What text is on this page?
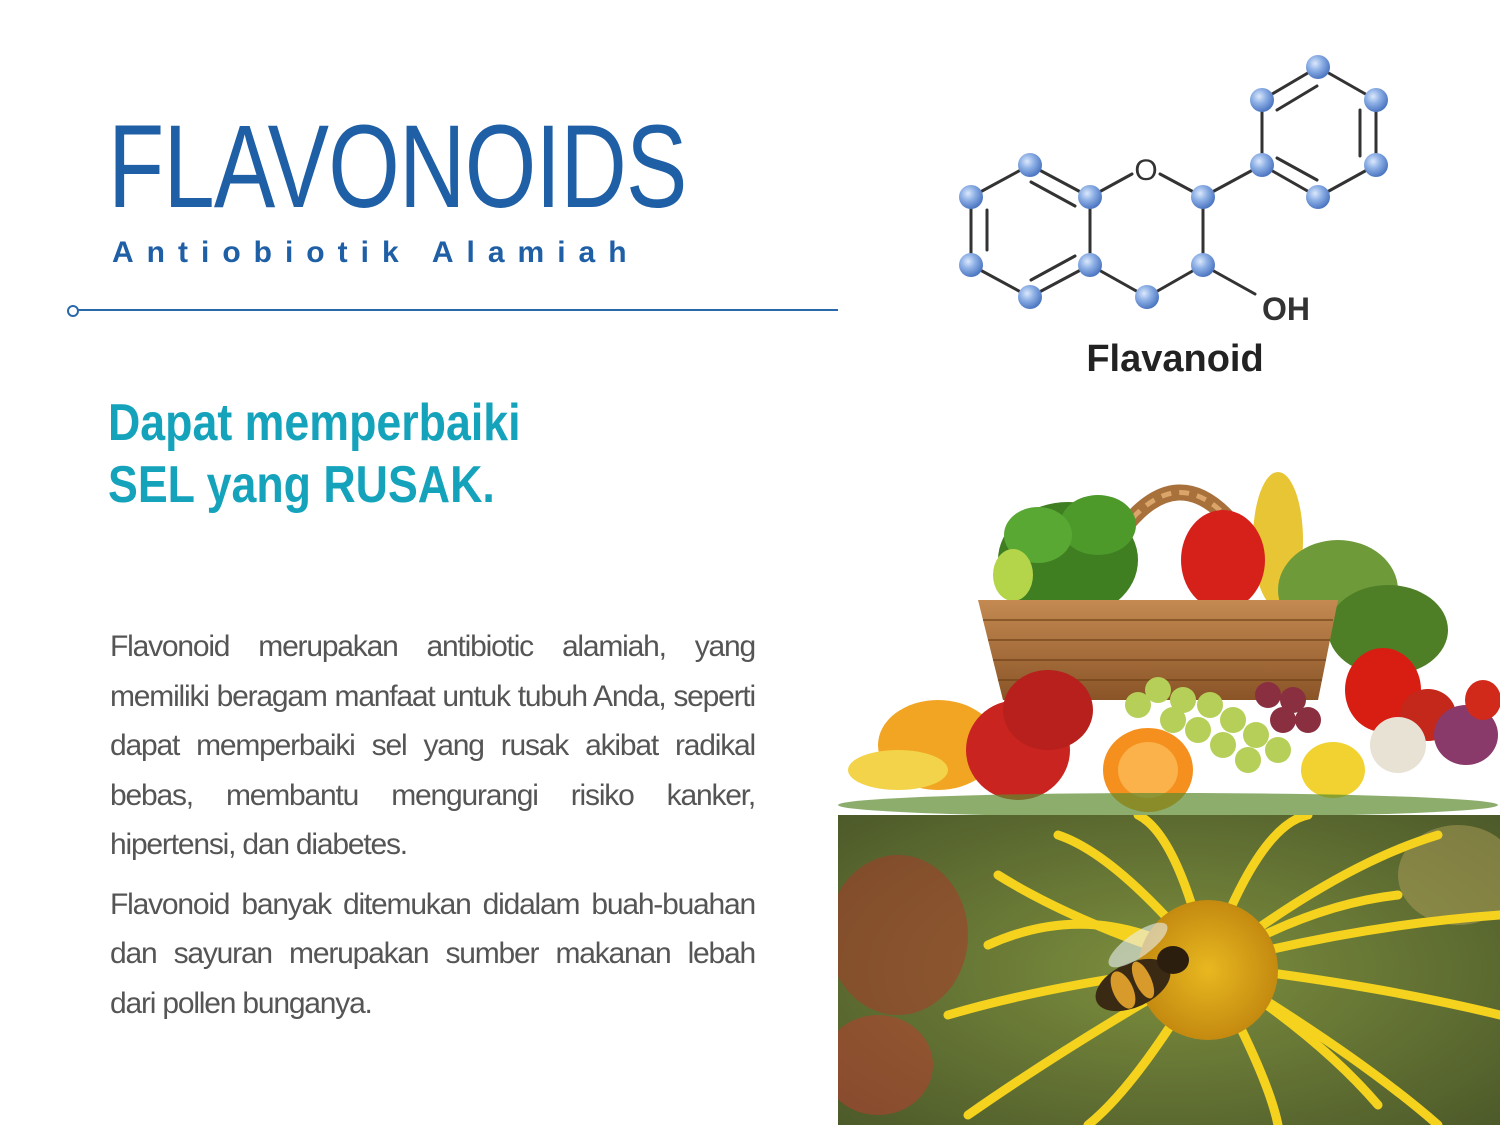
FLAVONOIDS
Antiobiotik Alamiah
Dapat memperbaiki
SEL yang RUSAK.

Flavonoid merupakan antibiotic alamiah, yang memiliki beragam manfaat untuk tubuh Anda, seperti dapat memperbaiki sel yang rusak akibat radikal bebas, membantu mengurangi risiko kanker, hipertensi, dan diabetes.

Flavonoid banyak ditemukan didalam buah-buahan dan sayuran merupakan sumber makanan lebah dari pollen bunganya.

O
OH
Flavanoid
